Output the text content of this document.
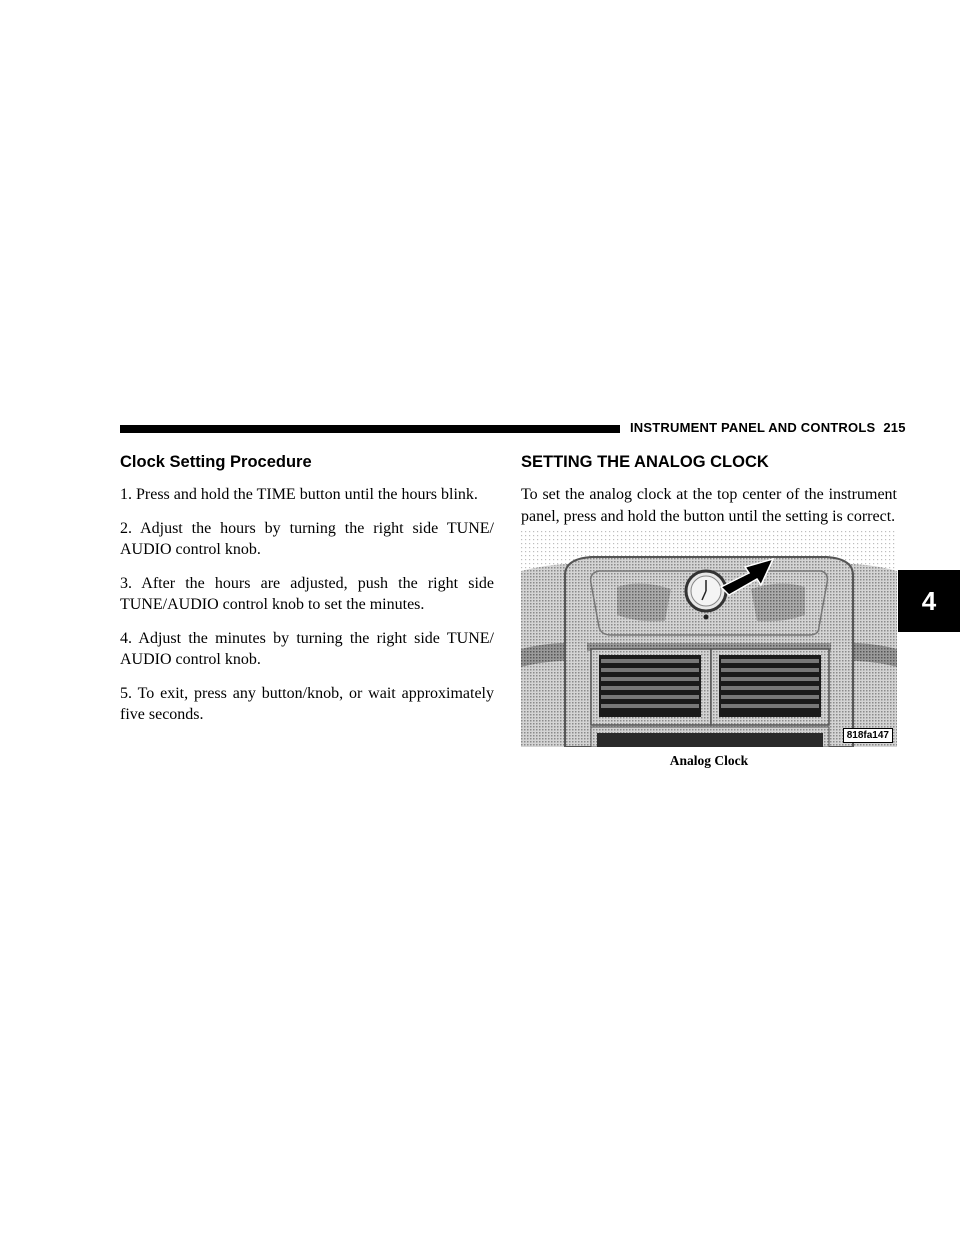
INSTRUMENT PANEL AND CONTROLS 215
4
Clock Setting Procedure

1. Press and hold the TIME button until the hours blink.

2. Adjust the hours by turning the right side TUNE/ AUDIO control knob.

3. After the hours are adjusted, push the right side TUNE/AUDIO control knob to set the minutes.

4. Adjust the minutes by turning the right side TUNE/ AUDIO control knob.

5. To exit, press any button/knob, or wait approximately five seconds.

SETTING THE ANALOG CLOCK

To set the analog clock at the top center of the instrument panel, press and hold the button until the setting is correct.

818fa147
Analog Clock
